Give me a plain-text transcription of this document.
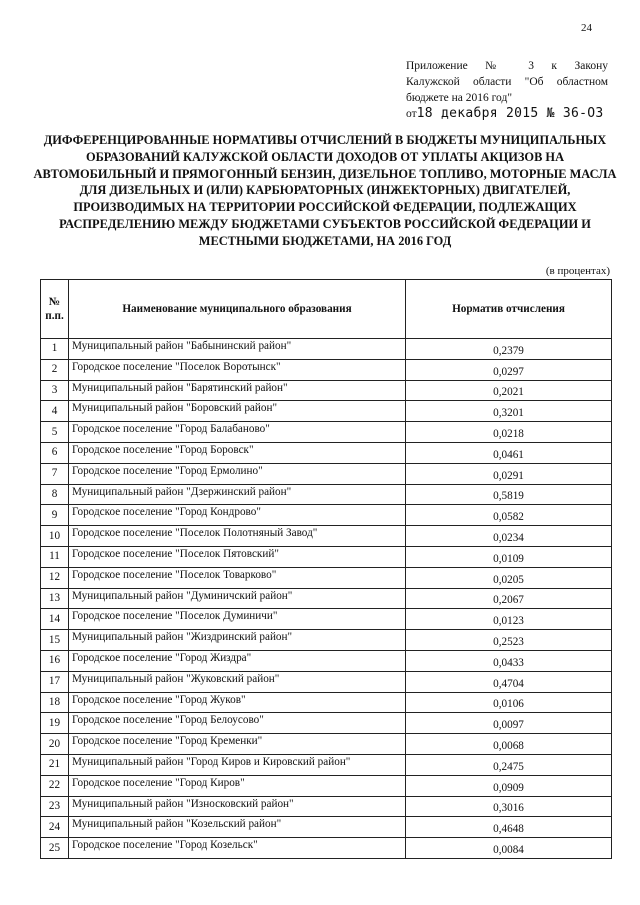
24
Приложение № 3 к Закону
Калужской области "Об областном
бюджете на 2016 год"
от18 декабря 2015 № 36-ОЗ
ДИФФЕРЕНЦИРОВАННЫЕ НОРМАТИВЫ ОТЧИСЛЕНИЙ В БЮДЖЕТЫ МУНИЦИПАЛЬНЫХ ОБРАЗОВАНИЙ КАЛУЖСКОЙ ОБЛАСТИ ДОХОДОВ ОТ УПЛАТЫ АКЦИЗОВ НА АВТОМОБИЛЬНЫЙ И ПРЯМОГОННЫЙ БЕНЗИН, ДИЗЕЛЬНОЕ ТОПЛИВО, МОТОРНЫЕ МАСЛА ДЛЯ ДИЗЕЛЬНЫХ И (ИЛИ) КАРБЮРАТОРНЫХ (ИНЖЕКТОРНЫХ) ДВИГАТЕЛЕЙ, ПРОИЗВОДИМЫХ НА ТЕРРИТОРИИ РОССИЙСКОЙ ФЕДЕРАЦИИ, ПОДЛЕЖАЩИХ РАСПРЕДЕЛЕНИЮ МЕЖДУ БЮДЖЕТАМИ СУБЪЕКТОВ РОССИЙСКОЙ ФЕДЕРАЦИИ И МЕСТНЫМИ БЮДЖЕТАМИ, НА 2016 ГОД
(в процентах)
№
п.п.	Наименование муниципального образования	Норматив отчисления
1	Муниципальный район "Бабынинский район"	0,2379
2	Городское поселение "Поселок Воротынск"	0,0297
3	Муниципальный район "Барятинский район"	0,2021
4	Муниципальный район "Боровский район"	0,3201
5	Городское поселение "Город Балабаново"	0,0218
6	Городское поселение "Город Боровск"	0,0461
7	Городское поселение "Город Ермолино"	0,0291
8	Муниципальный район "Дзержинский район"	0,5819
9	Городское поселение "Город Кондрово"	0,0582
10	Городское поселение "Поселок Полотняный Завод"	0,0234
11	Городское поселение "Поселок Пятовский"	0,0109
12	Городское поселение "Поселок Товарково"	0,0205
13	Муниципальный район "Думиничский район"	0,2067
14	Городское поселение "Поселок Думиничи"	0,0123
15	Муниципальный район "Жиздринский район"	0,2523
16	Городское поселение "Город Жиздра"	0,0433
17	Муниципальный район "Жуковский район"	0,4704
18	Городское поселение "Город Жуков"	0,0106
19	Городское поселение "Город Белоусово"	0,0097
20	Городское поселение "Город Кременки"	0,0068
21	Муниципальный район "Город Киров и Кировский район"	0,2475
22	Городское поселение "Город Киров"	0,0909
23	Муниципальный район "Износковский район"	0,3016
24	Муниципальный район "Козельский район"	0,4648
25	Городское поселение "Город Козельск"	0,0084
